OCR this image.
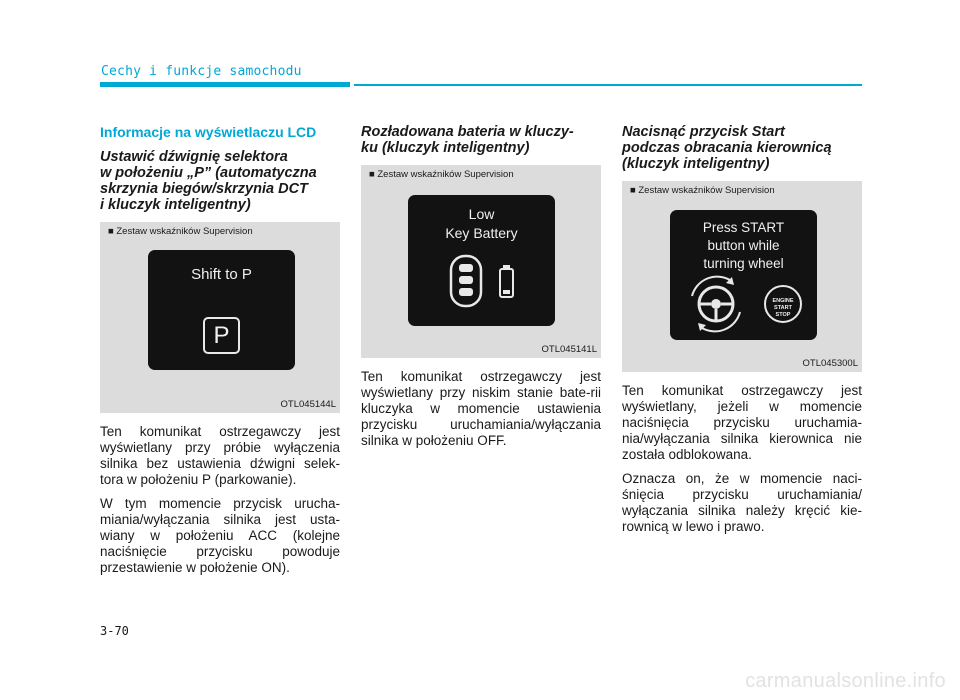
Cechy i funkcje samochodu
Informacje na wyświetlaczu LCD
Ustawić dźwignię selektora
w położeniu „P” (automatyczna
skrzynia biegów/skrzynia DCT
i kluczyk inteligentny)
■ Zestaw wskaźników Supervision
Shift to P
P
OTL045144L

Ten komunikat ostrzegawczy jest wyświetlany przy próbie wyłączenia silnika bez ustawienia dźwigni selek-tora w położeniu P (parkowanie).

W tym momencie przycisk urucha-miania/wyłączania silnika jest usta-wiany w położeniu ACC (kolejne naciśnięcie przycisku powoduje przestawienie w położenie ON).

Rozładowana bateria w kluczy-
ku (kluczyk inteligentny)
■ Zestaw wskaźników Supervision
Low
Key Battery
OTL045141L

Ten komunikat ostrzegawczy jest wyświetlany przy niskim stanie bate-rii kluczyka w momencie ustawienia przycisku uruchamiania/wyłączania silnika w położeniu OFF.

Nacisnąć przycisk Start
podczas obracania kierownicą
(kluczyk inteligentny)
■ Zestaw wskaźników Supervision
Press START
button while
turning wheel
ENGINE
START
STOP
OTL045300L

Ten komunikat ostrzegawczy jest wyświetlany, jeżeli w momencie naciśnięcia przycisku uruchamia-nia/wyłączania silnika kierownica nie została odblokowana.

Oznacza on, że w momencie naci-śnięcia przycisku uruchamiania/ wyłączania silnika należy kręcić kie-rownicą w lewo i prawo.

3-70
carmanualsonline.info
